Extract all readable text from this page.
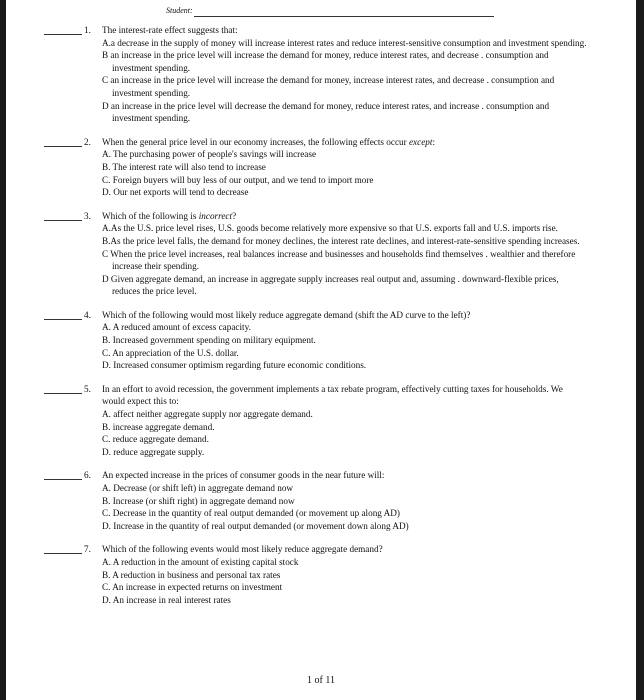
Student:
1. The interest-rate effect suggests that:

A.a decrease in the supply of money will increase interest rates and reduce interest-sensitive consumption and investment spending.

B an increase in the price level will increase the demand for money, reduce interest rates, and decrease . consumption and investment spending.

C an increase in the price level will increase the demand for money, increase interest rates, and decrease . consumption and investment spending.

D an increase in the price level will decrease the demand for money, reduce interest rates, and increase . consumption and investment spending.

2. When the general price level in our economy increases, the following effects occur except:

A. The purchasing power of people's savings will increase

B. The interest rate will also tend to increase

C. Foreign buyers will buy less of our output, and we tend to import more

D. Our net exports will tend to decrease

3. Which of the following is incorrect?

A.As the U.S. price level rises, U.S. goods become relatively more expensive so that U.S. exports fall and U.S. imports rise.

B.As the price level falls, the demand for money declines, the interest rate declines, and interest-rate-sensitive spending increases.

C When the price level increases, real balances increase and businesses and households find themselves . wealthier and therefore increase their spending.

D Given aggregate demand, an increase in aggregate supply increases real output and, assuming . downward-flexible prices, reduces the price level.

4. Which of the following would most likely reduce aggregate demand (shift the AD curve to the left)?

A. A reduced amount of excess capacity.

B. Increased government spending on military equipment.

C. An appreciation of the U.S. dollar.

D. Increased consumer optimism regarding future economic conditions.

5. In an effort to avoid recession, the government implements a tax rebate program, effectively cutting taxes for households. We would expect this to:

A. affect neither aggregate supply nor aggregate demand.

B. increase aggregate demand.

C. reduce aggregate demand.

D. reduce aggregate supply.

6. An expected increase in the prices of consumer goods in the near future will:

A. Decrease (or shift left) in aggregate demand now

B. Increase (or shift right) in aggregate demand now

C. Decrease in the quantity of real output demanded (or movement up along AD)

D. Increase in the quantity of real output demanded (or movement down along AD)

7. Which of the following events would most likely reduce aggregate demand?

A. A reduction in the amount of existing capital stock

B. A reduction in business and personal tax rates

C. An increase in expected returns on investment

D. An increase in real interest rates

1 of 11
